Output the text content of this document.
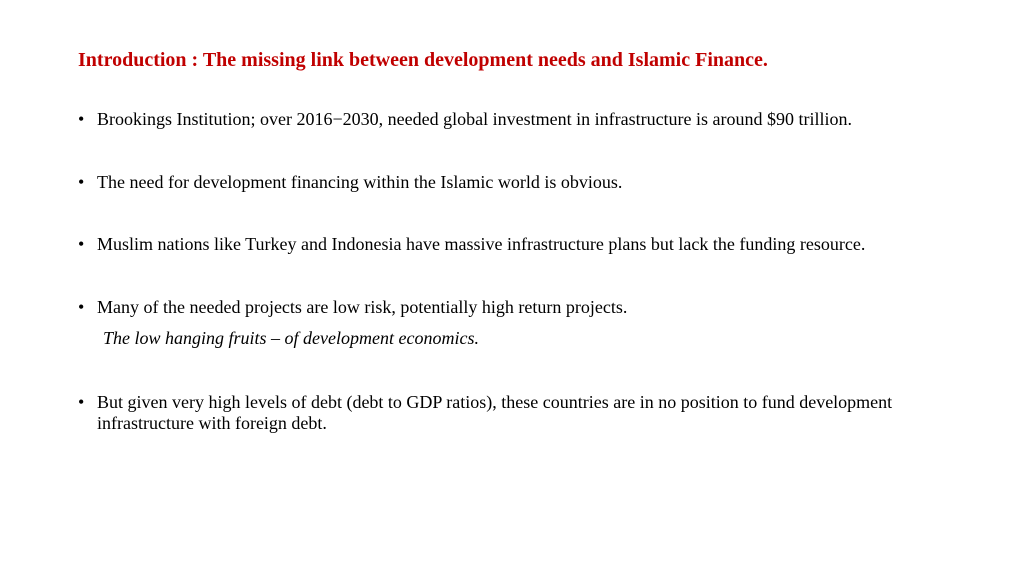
Introduction : The missing link between development needs and Islamic Finance.
• Brookings Institution; over 2016−2030, needed global investment in infrastructure is around $90 trillion.
• The need for development financing within the Islamic world is obvious.
• Muslim nations like Turkey and Indonesia have massive infrastructure plans but lack the funding resource.
• Many of the needed projects are low risk, potentially high return projects.
• But given very high levels of debt (debt to GDP ratios), these countries are in no position to fund development infrastructure with foreign debt.
The low hanging fruits – of development economics.
